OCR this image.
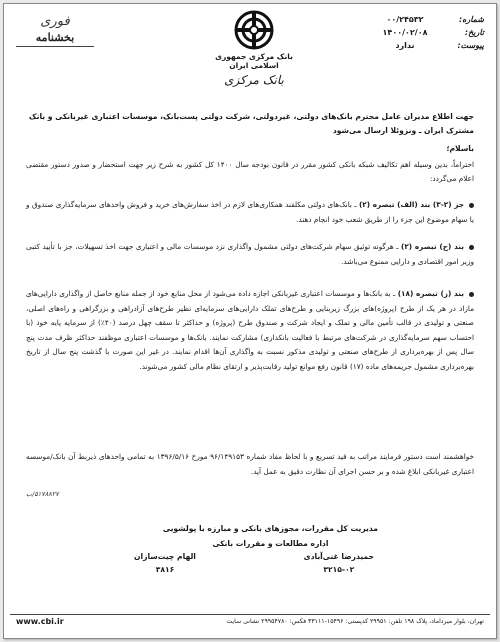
فوری
بخشنامه
بانک مرکزی جمهوری اسلامی ایران
بانک مرکزی
شماره:
۰۰/۲۴۵۳۲
تاریخ:
۱۴۰۰/۰۲/۰۸
پیوست:
ندارد
جهت اطلاع مدیران عامل محترم بانک‌های دولتی، غیردولتی، شرکت دولتی پست‌بانک، موسسات اعتباری غیربانکی و بانک مشترک ایران ـ ونزوئلا ارسال می‌شود
باسلام؛
احتراماً، بدین وسیله اهم تکالیف شبکه بانکی کشور مقرر در قانون بودجه سال ۱۴۰۰ کل کشور به شرح زیر جهت استحضار و صدور دستور مقتضی اعلام می‌گردد:
جز (۲-۳) بند (الف) تبصره (۲) ـ بانک‌های دولتی مکلفند همکاری‌های لازم در اخذ سفارش‌های خرید و فروش واحدهای سرمایه‌گذاری صندوق و یا سهام موضوع این جزء را از طریق شعب خود انجام دهند.
بند (ح) تبصره (۲) ـ هرگونه توثیق سهام شرکت‌های دولتی مشمول واگذاری نزد موسسات مالی و اعتباری جهت اخذ تسهیلات، جز با تأیید کتبی وزیر امور اقتصادی و دارایی ممنوع می‌باشد.
بند (ز) تبصره (۱۸) ـ به بانک‌ها و موسسات اعتباری غیربانکی اجازه داده می‌شود از محل منابع خود از جمله منابع حاصل از واگذاری دارایی‌های مازاد در هر یک از طرح (پروژه)های بزرگ زیربنایی و طرح‌های تملک دارایی‌های سرمایه‌ای نظیر طرح‌های آزادراهی و بزرگراهی و راه‌های اصلی، صنعتی و تولیدی در قالب تأمین مالی و تملک و ایجاد شرکت و صندوق طرح (پروژه) و حداکثر تا سقف چهل درصد (۴۰٪) از سرمایه پایه خود (با احتساب سهم سرمایه‌گذاری در شرکت‌های مرتبط با فعالیت بانکداری) مشارکت نمایند. بانک‌ها و موسسات اعتباری موظفند حداکثر ظرف مدت پنج سال پس از بهره‌برداری از طرح‌های صنعتی و تولیدی مذکور نسبت به واگذاری آن‌ها اقدام نمایند. در غیر این صورت با گذشت پنج سال از تاریخ بهره‌برداری مشمول جریمه‌های ماده (۱۷) قانون رفع موانع تولید رقابت‌پذیر و ارتقای نظام مالی کشور می‌شوند.
خواهشمند است دستور فرمایند مراتب به قید تسریع و با لحاظ مفاد شماره ۹۶/۱۴۹۱۵۳ مورخ ۱۳۹۶/۵/۱۶ به تمامی واحدهای ذیربط آن بانک/موسسه اعتباری غیربانکی ابلاغ شده و بر حسن اجرای آن نظارت دقیق به عمل آید.
۵۱۷۸۸۲۷/ب
مدیریت کل مقررات، مجوزهای بانکی و مبارزه با پولشویی
اداره مطالعات و مقررات بانکی
حمیدرضا غنی‌آبادی
۳۲۱۵-۰۲
الهام چیت‌سازان
۳۸۱۶
تهران، بلوار میرداماد، پلاک ۱۹۸ تلفن: ۲۹۹۵۱ کدپستی: ۱۵۴۹۶-۳۳۱۱۱ فکس: ۲۹۹۵۴۷۸۰ نشانی سایت
www.cbi.ir
